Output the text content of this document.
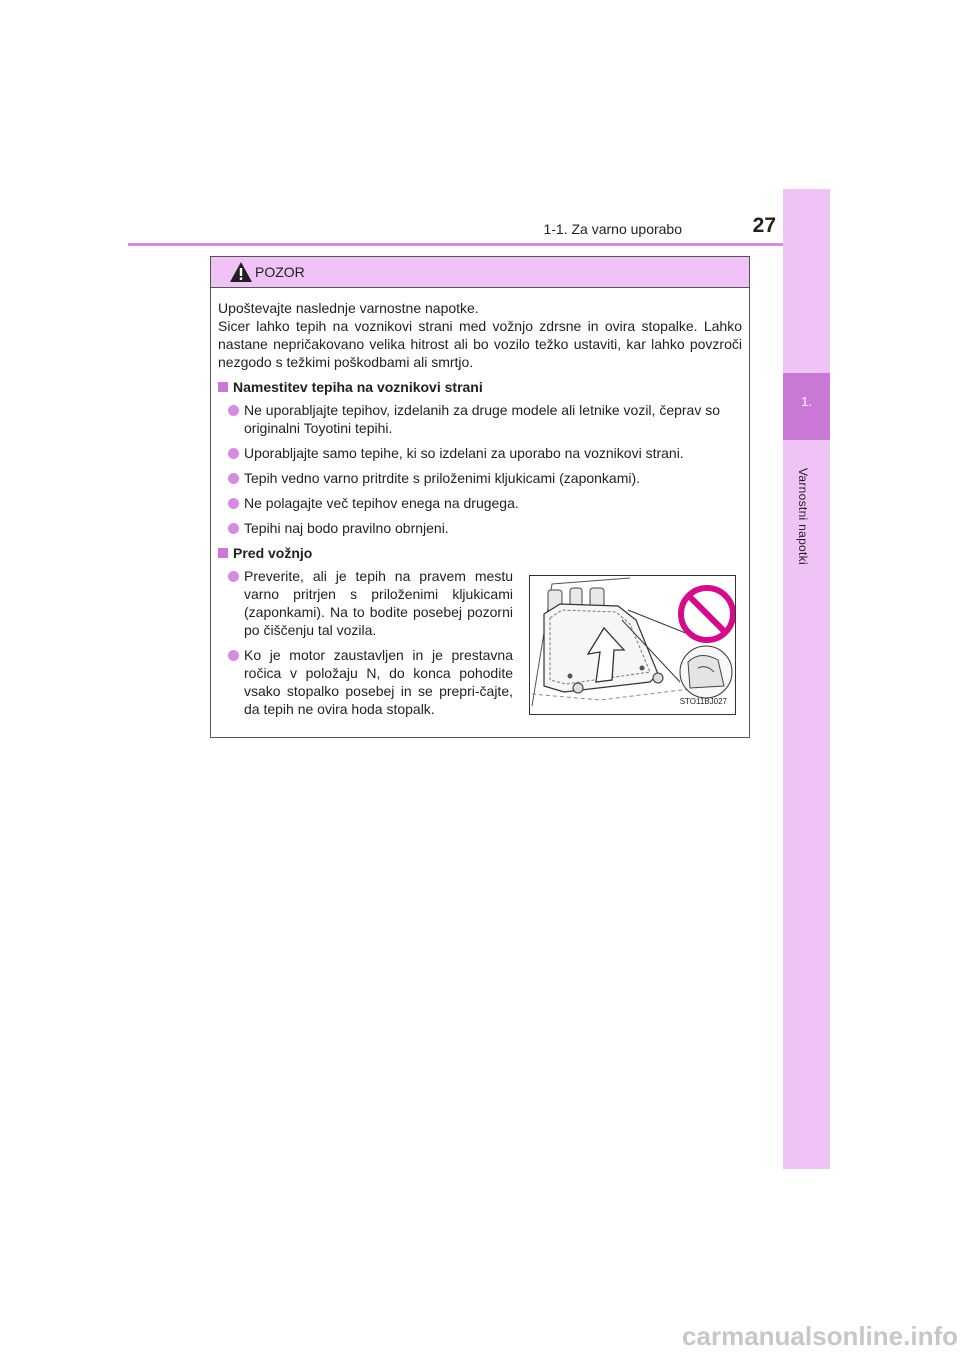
1-1. Za varno uporabo	27
1.
Varnostni napotki
POZOR

Upoštevajte naslednje varnostne napotke.
Sicer lahko tepih na voznikovi strani med vožnjo zdrsne in ovira stopalke. Lahko nastane nepričakovano velika hitrost ali bo vozilo težko ustaviti, kar lahko povzroči nezgodo s težkimi poškodbami ali smrtjo.

Namestitev tepiha na voznikovi strani
Ne uporabljajte tepihov, izdelanih za druge modele ali letnike vozil, čeprav so originalni Toyotini tepihi.
Uporabljajte samo tepihe, ki so izdelani za uporabo na voznikovi strani.
Tepih vedno varno pritrdite s priloženimi kljukicami (zaponkami).
Ne polagajte več tepihov enega na drugega.
Tepihi naj bodo pravilno obrnjeni.
Pred vožnjo
Preverite, ali je tepih na pravem mestu varno pritrjen s priloženimi kljukicami (zaponkami). Na to bodite posebej pozorni po čiščenju tal vozila.
Ko je motor zaustavljen in je prestavna ročica v položaju N, do konca pohodite vsako stopalko posebej in se prepri-čajte, da tepih ne ovira hoda stopalk.	STO11BJ027
carmanualsonline.info
